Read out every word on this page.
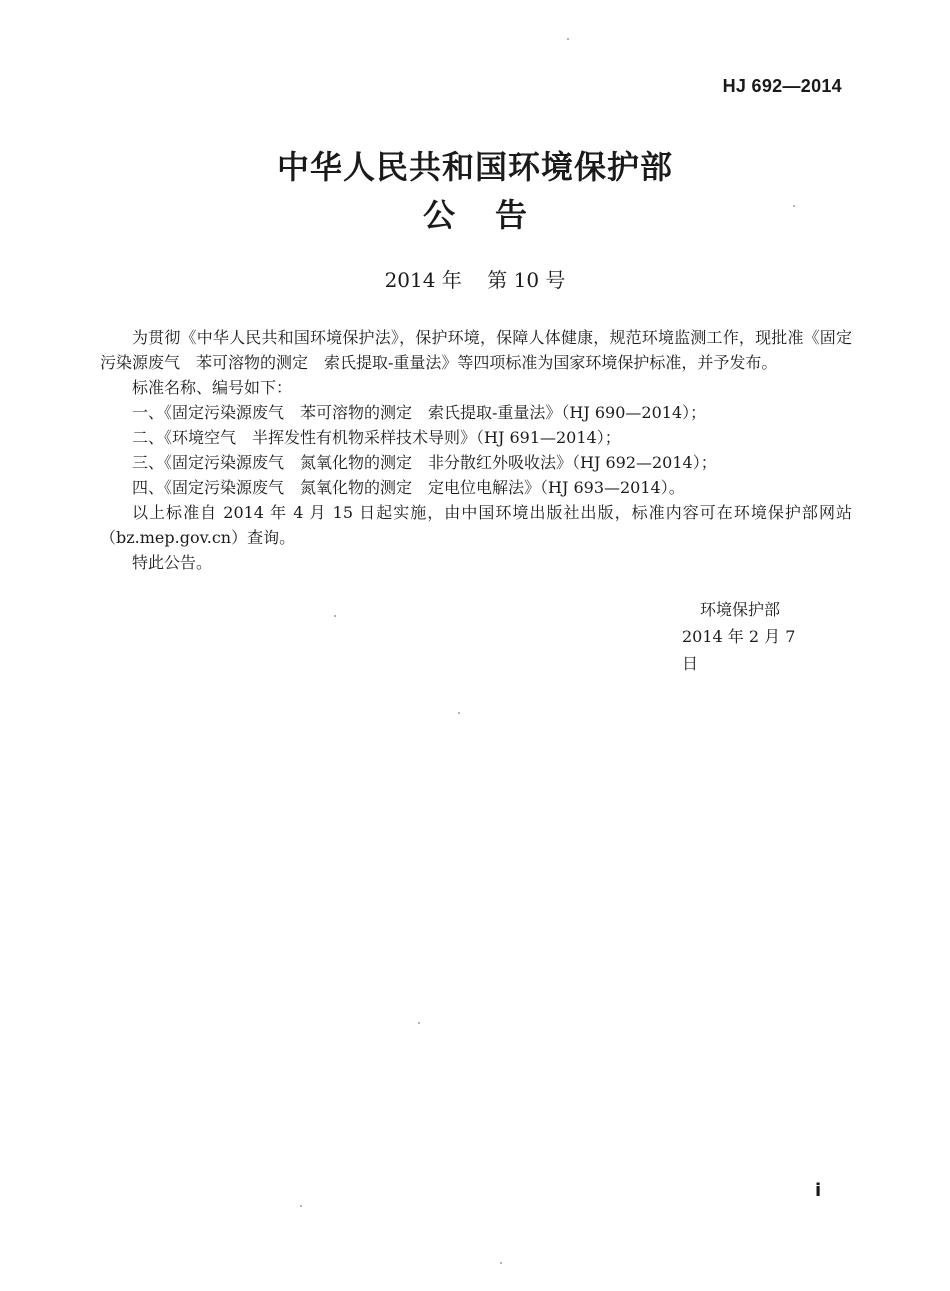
HJ 692—2014
中华人民共和国环境保护部
公 告
2014 年    第 10 号

为贯彻《中华人民共和国环境保护法》，保护环境，保障人体健康，规范环境监测工作，现批准《固定污染源废气　苯可溶物的测定　索氏提取-重量法》等四项标准为国家环境保护标准，并予发布。

标准名称、编号如下：

一、《固定污染源废气　苯可溶物的测定　索氏提取-重量法》（HJ 690—2014）；

二、《环境空气　半挥发性有机物采样技术导则》（HJ 691—2014）；

三、《固定污染源废气　氮氧化物的测定　非分散红外吸收法》（HJ 692—2014）；

四、《固定污染源废气　氮氧化物的测定　定电位电解法》（HJ 693—2014）。

以上标准自 2014 年 4 月 15 日起实施，由中国环境出版社出版，标准内容可在环境保护部网站（bz.mep.gov.cn）查询。

特此公告。

环境保护部
2014 年 2 月 7 日
i
